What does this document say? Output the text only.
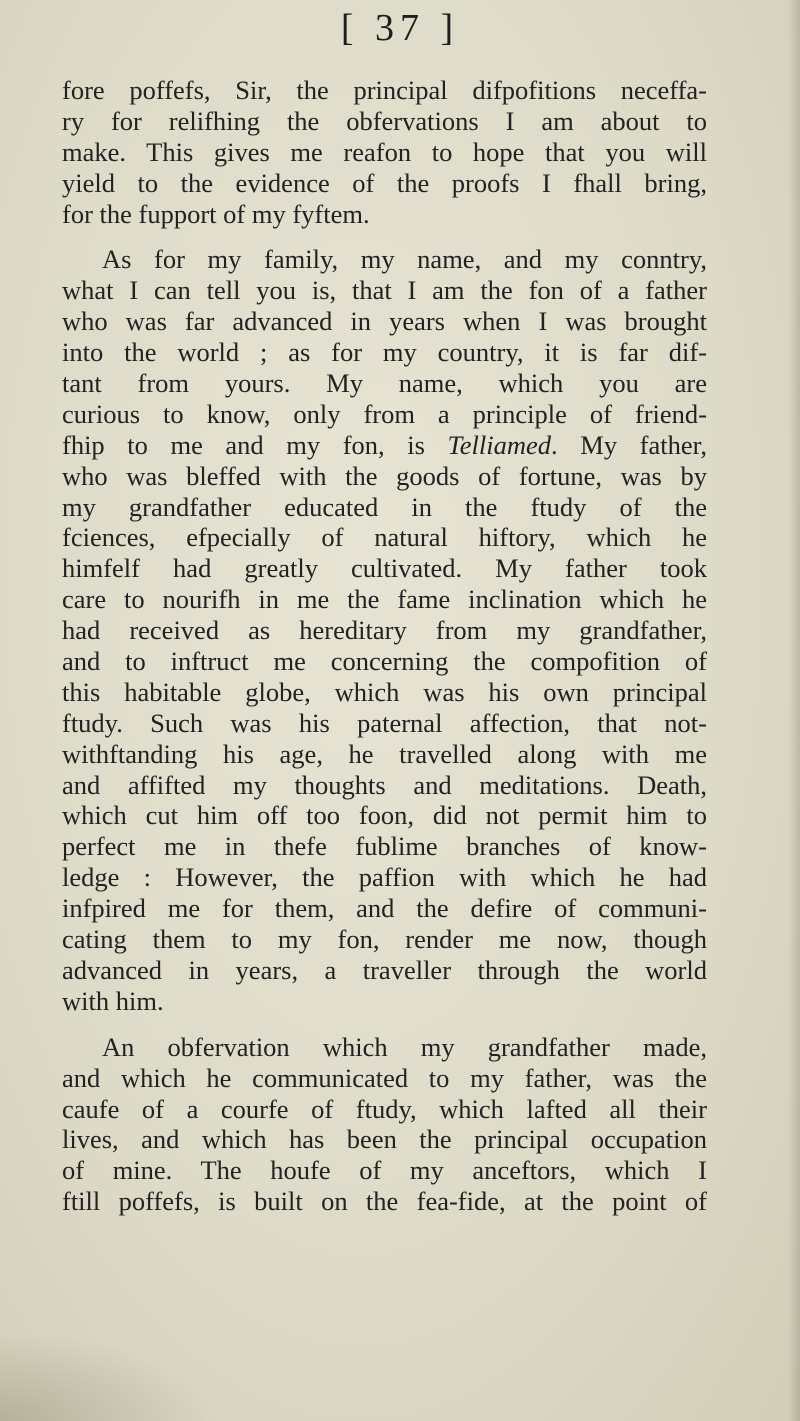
[ 37 ]
fore poffefs, Sir, the principal difpofitions neceffa-
ry for relifhing the obfervations I am about to
make. This gives me reafon to hope that you will
yield to the evidence of the proofs I fhall bring,
for the fupport of my fyftem.
As for my family, my name, and my conntry,
what I can tell you is, that I am the fon of a father
who was far advanced in years when I was brought
into the world ; as for my country, it is far dif-
tant from yours. My name, which you are
curious to know, only from a principle of friend-
fhip to me and my fon, is Telliamed. My father,
who was bleffed with the goods of fortune, was by
my grandfather educated in the ftudy of the
fciences, efpecially of natural hiftory, which he
himfelf had greatly cultivated. My father took
care to nourifh in me the fame inclination which he
had received as hereditary from my grandfather,
and to inftruct me concerning the compofition of
this habitable globe, which was his own principal
ftudy. Such was his paternal affection, that not-
withftanding his age, he travelled along with me
and affifted my thoughts and meditations. Death,
which cut him off too foon, did not permit him to
perfect me in thefe fublime branches of know-
ledge : However, the paffion with which he had
infpired me for them, and the defire of communi-
cating them to my fon, render me now, though
advanced in years, a traveller through the world
with him.
An obfervation which my grandfather made,
and which he communicated to my father, was the
caufe of a courfe of ftudy, which lafted all their
lives, and which has been the principal occupation
of mine. The houfe of my anceftors, which I
ftill poffefs, is built on the fea-fide, at the point of
